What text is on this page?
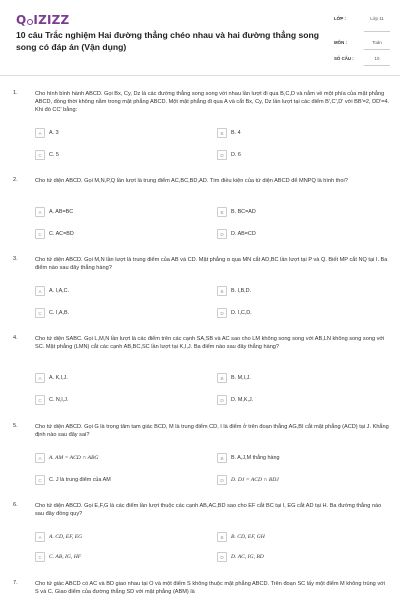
Q IZIZZ
10 câu Trắc nghiệm Hai đường thẳng chéo nhau và hai đường thẳng song song có đáp án (Vận dụng)
LỚP :	Lớp 11
MÔN :	Toán
SỐ CÂU :	10
1.	Cho hình bình hành ABCD. Gọi Bx, Cy, Dz là các đường thẳng song song với nhau lần lượt đi qua B,C,D và nằm về một phía của mặt phẳng ABCD, đồng thời không nằm trong mặt phẳng ABCD. Một mặt phẳng đi qua A và cắt Bx, Cy, Dz lần lượt tại các điểm B',C',D' với BB'=2, DD'=4. Khi đó CC' bằng:
A	A. 3	B	B. 4
C	C. 5	D	D. 6
2.	Cho tứ diện ABCD. Gọi M,N,P,Q lần lượt là trung điểm AC,BC,BD,AD. Tìm điều kiện của tứ diện ABCD để MNPQ là hình thoi?
A	A. AB=BC	B	B. BC=AD
C	C. AC=BD	D	D. AB=CD
3.	Cho tứ diện ABCD. Gọi M,N lần lượt là trung điểm của AB và CD. Mặt phẳng α qua MN cắt AD,BC lần lượt tại P và Q. Biết MP cắt NQ tại I. Ba điểm nào sau đây thẳng hàng?
A	A. I,A,C.	B	B. I,B,D.
C	C. I,A,B.	D	D. I,C,D.
4.	Cho tứ diện SABC. Gọi L,M,N lần lượt là các điểm trên các cạnh SA,SB và AC sao cho LM không song song với AB,LN không song song với SC. Mặt phẳng (LMN) cắt các cạnh AB,BC,SC lần lượt tại K,I,J. Ba điểm nào sau đây thẳng hàng?
A	A. K,I,J.	B	B. M,I,J.
C	C. N,I,J.	D	D. M,K,J.
5.	Cho tứ diện ABCD. Gọi G là trọng tâm tam giác BCD, M là trung điểm CD, I là điểm ở trên đoạn thẳng AG,BI cắt mặt phẳng (ACD) tại J. Khẳng định nào sau đây sai?
A	A. AM = ACD ∩ ABG	B	B. A,J,M thẳng hàng
C	C. J là trung điểm của AM	D	D. DJ = ACD ∩ BDJ
6.	Cho tứ diện ABCD. Gọi E,F,G là các điểm lần lượt thuộc các cạnh AB,AC,BD sao cho EF cắt BC tại I, EG cắt AD tại H. Ba đường thẳng nào sau đây đồng quy?
A	A. CD, EF, EG	B	B. CD, EF, GH
C	C. AB, IG, HF	D	D. AC, IG, BD
7.	Cho tứ giác ABCD có AC và BD giao nhau tại O và một điểm S không thuộc mặt phẳng ABCD. Trên đoạn SC lấy một điểm M không trùng với S và C. Giao điểm của đường thẳng SD với mặt phẳng (ABM) là
